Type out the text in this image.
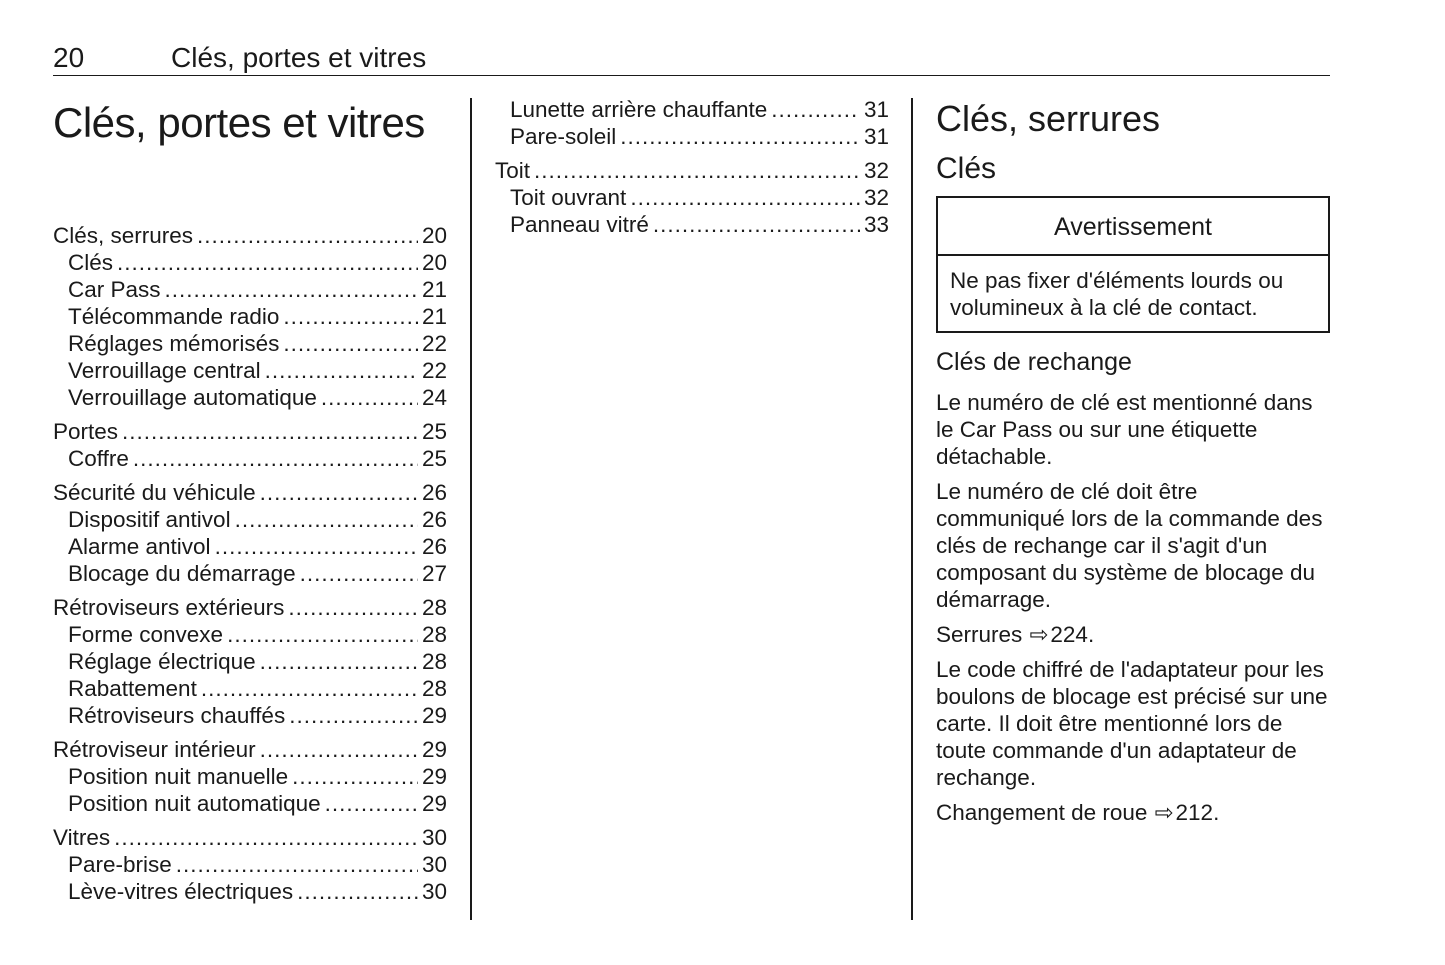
20	Clés, portes et vitres
Clés, portes et vitres
Clés, serrures .....	20
Clés .....	20
Car Pass .....	21
Télécommande radio .....	21
Réglages mémorisés .....	22
Verrouillage central .....	22
Verrouillage automatique .....	24
Portes .....	25
Coffre .....	25
Sécurité du véhicule .....	26
Dispositif antivol .....	26
Alarme antivol .....	26
Blocage du démarrage .....	27
Rétroviseurs extérieurs .....	28
Forme convexe .....	28
Réglage électrique .....	28
Rabattement .....	28
Rétroviseurs chauffés .....	29
Rétroviseur intérieur .....	29
Position nuit manuelle .....	29
Position nuit automatique .....	29
Vitres .....	30
Pare-brise .....	30
Lève-vitres électriques .....	30
Lunette arrière chauffante .....	31
Pare-soleil .....	31
Toit .....	32
Toit ouvrant .....	32
Panneau vitré .....	33
Clés, serrures
Clés
Avertissement
Ne pas fixer d'éléments lourds ou volumineux à la clé de contact.
Clés de rechange

Le numéro de clé est mentionné dans le Car Pass ou sur une étiquette détachable.

Le numéro de clé doit être communiqué lors de la commande des clés de rechange car il s'agit d'un composant du système de blocage du démarrage.

Serrures ⇨224.

Le code chiffré de l'adaptateur pour les boulons de blocage est précisé sur une carte. Il doit être mentionné lors de toute commande d'un adaptateur de rechange.

Changement de roue ⇨212.
